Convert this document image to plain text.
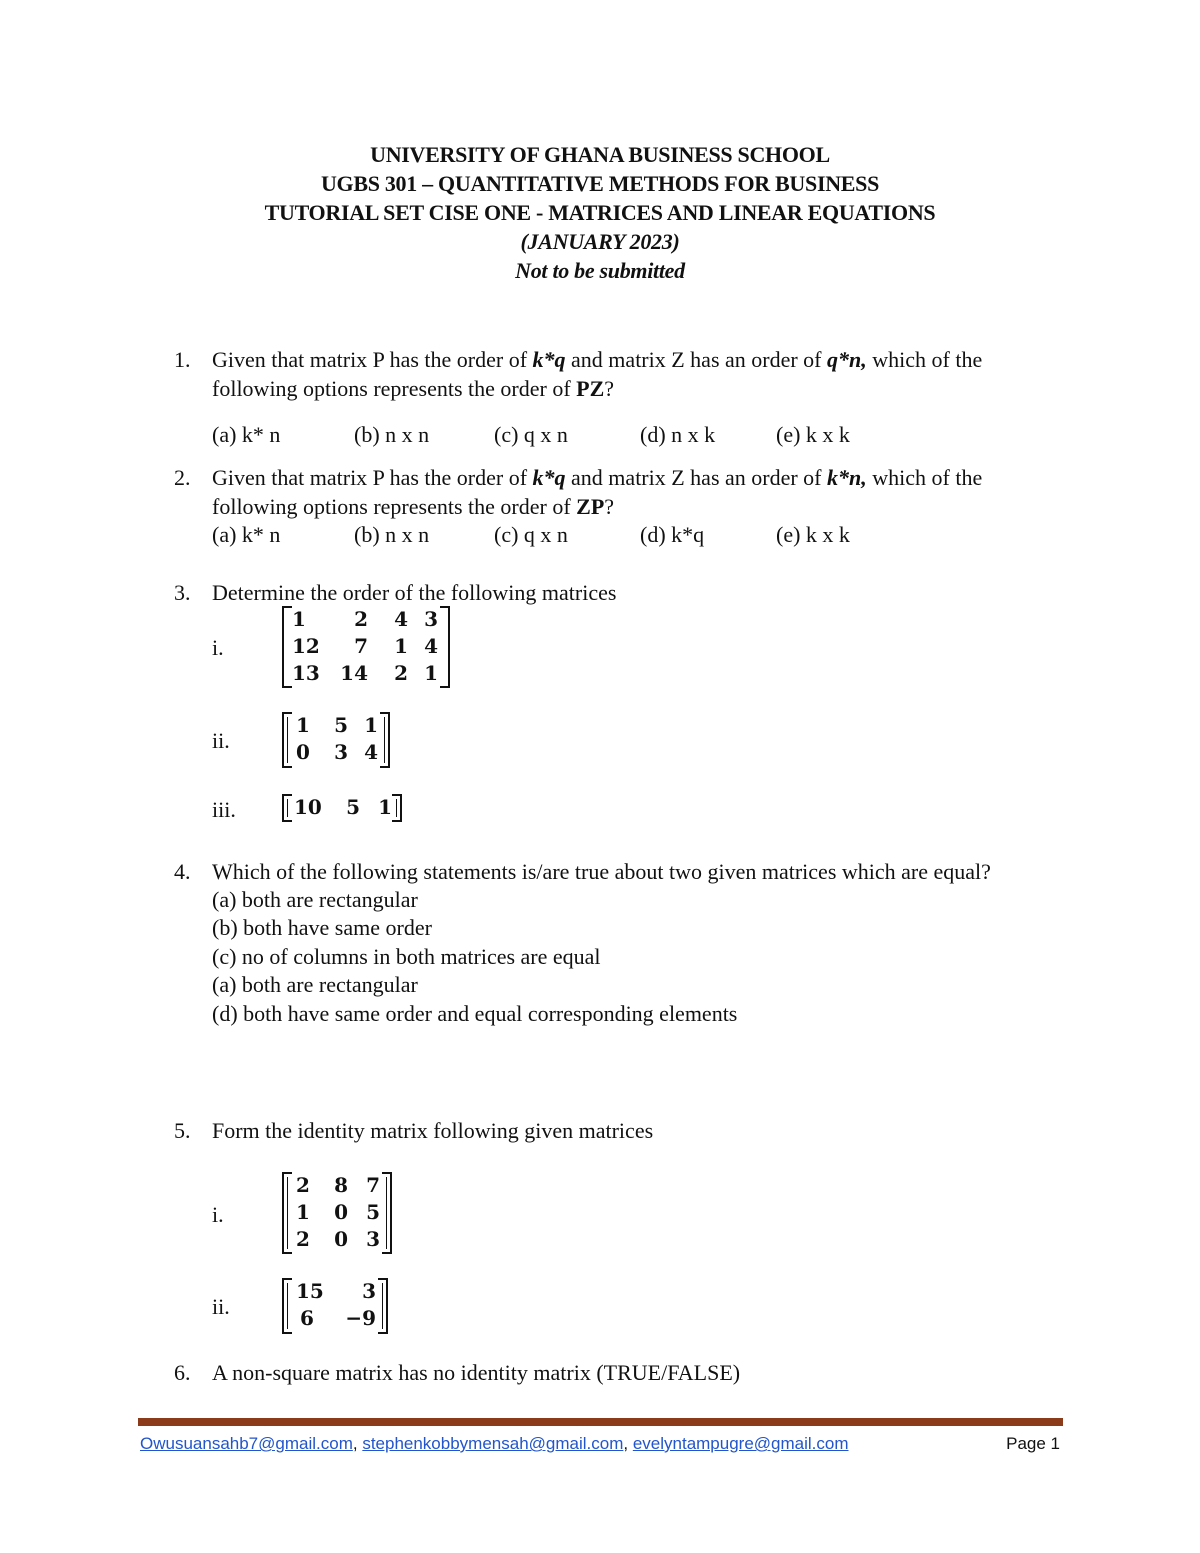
UNIVERSITY OF GHANA BUSINESS SCHOOL
UGBS 301 – QUANTITATIVE METHODS FOR BUSINESS
TUTORIAL SET CISE ONE - MATRICES AND LINEAR EQUATIONS
(JANUARY 2023)
Not to be submitted
1. Given that matrix P has the order of k*q and matrix Z has an order of q*n, which of the following options represents the order of PZ?
(a) k* n	(b) n x n	(c) q x n	(d) n x k	(e) k x k
2. Given that matrix P has the order of k*q and matrix Z has an order of k*n, which of the following options represents the order of ZP?
(a) k* n	(b) n x n	(c) q x n	(d) k*q	(e) k x k
3. Determine the order of the following matrices
i.
1	2	4	3
12	7	1	4
13	14	2	1
ii.
1	5	1
0	3	4
iii.	10	5	1
4. Which of the following statements is/are true about two given matrices which are equal?
(a) both are rectangular
(b) both have same order
(c) no of columns in both matrices are equal
(a) both are rectangular
(d) both have same order and equal corresponding elements
5. Form the identity matrix following given matrices
i.
2	8	7
1	0	5
2	0	3
ii.
15	3
6	−9
6. A non-square matrix has no identity matrix (TRUE/FALSE)
Owusuansahb7@gmail.com, stephenkobbymensah@gmail.com, evelyntampugre@gmail.com	Page 1
